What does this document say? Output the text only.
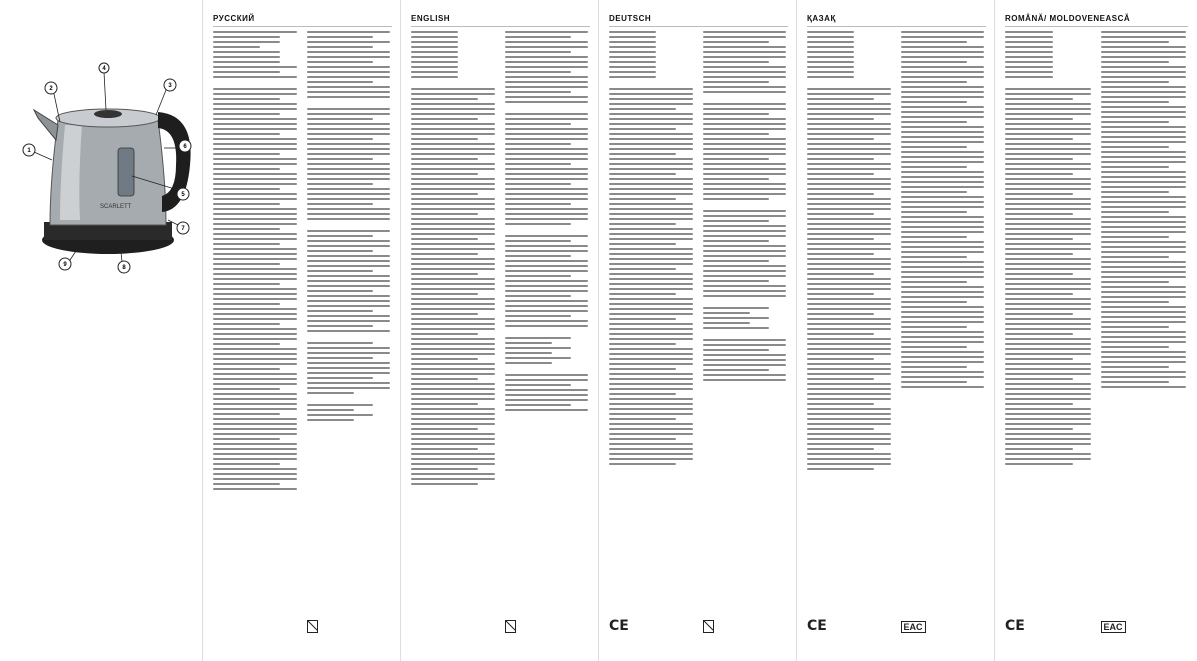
SCARLETT
1
2	3
4
5
6
7
8
9
РУССКИЙ	ENGLISH	DEUTSCH
CE
ҚАЗАҚ
CE	EAC
ROMÂNĂ/ MOLDOVENEASCĂ
CE	EAC
